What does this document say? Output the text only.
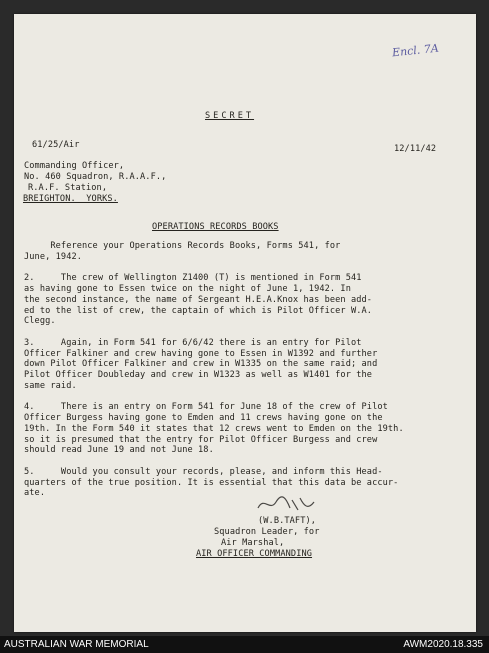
Encl. 7A
SECRET
61/25/Air	12/11/42
Commanding Officer,
No. 460 Squadron, R.A.A.F.,
R.A.F. Station,
BREIGHTON.  YORKS.
OPERATIONS RECORDS BOOKS
Reference your Operations Records Books, Forms 541, for
June, 1942.
2.     The crew of Wellington Z1400 (T) is mentioned in Form 541
as having gone to Essen twice on the night of June 1, 1942. In
the second instance, the name of Sergeant H.E.A.Knox has been add-
ed to the list of crew, the captain of which is Pilot Officer W.A.
Clegg.
3.     Again, in Form 541 for 6/6/42 there is an entry for Pilot
Officer Falkiner and crew having gone to Essen in W1392 and further
down Pilot Officer Falkiner and crew in W1335 on the same raid; and
Pilot Officer Doubleday and crew in W1323 as well as W1401 for the
same raid.
4.     There is an entry on Form 541 for June 18 of the crew of Pilot
Officer Burgess having gone to Emden and 11 crews having gone on the
19th. In the Form 540 it states that 12 crews went to Emden on the 19th.
so it is presumed that the entry for Pilot Officer Burgess and crew
should read June 19 and not June 18.
5.     Would you consult your records, please, and inform this Head-
quarters of the true position. It is essential that this data be accur-
ate.
(W.B.TAFT),
Squadron Leader, for
Air Marshal,
AIR OFFICER COMMANDING
AUSTRALIAN WAR MEMORIAL	AWM2020.18.335
